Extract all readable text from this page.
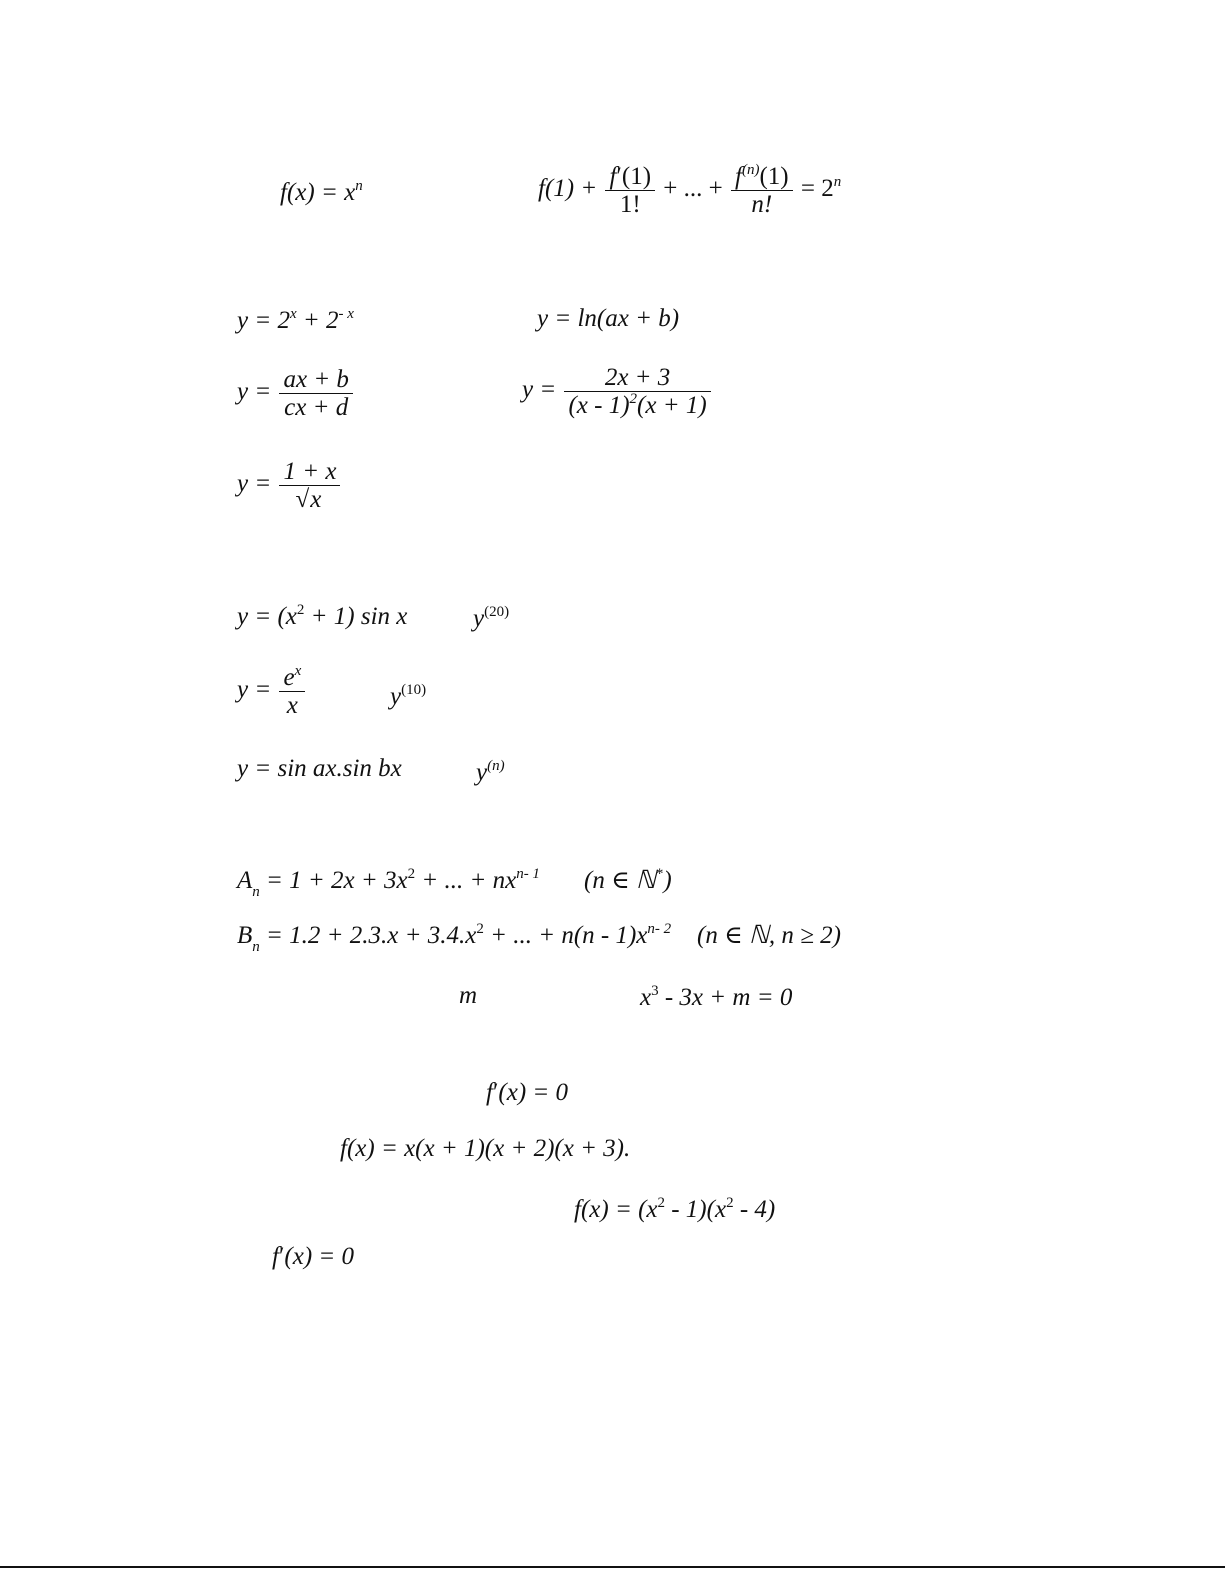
$f(x) = x^n$	$f(1) + \frac{f'(1)}{1!}$ + ... + $\frac{f^{(n)}(1)}{n!} = 2^n$
$y = 2^x + 2^{- x}$	y = ln(ax + b)
$y = \frac{ax + b}{cx + d}$	$y = \frac{2x + 3}{(x - 1)^2(x + 1)}$
$y = \frac{1 + x}{√x}$
$y = (x^2 + 1)$ sin x	$y^{(20)}$
$y = \frac{e^x}{x}$	$y^{(10)}$
y = sin ax.sin bx	$y^{(n)}$
$A_n = 1 + 2x + 3x^2$ + ... + $nx^{n- 1}$ (n ∈ ℕ*)
$B_n = 1.2 + 2.3.x + 3.4.x^2$ + ... + $n(n - 1)x^{n- 2}$ (n ∈ ℕ, n ≥ 2)
m	$x^3 - 3x + m = 0$
f′(x) = 0
f(x) = x(x + 1)(x + 2)(x + 3).
$f(x) = (x^2 - 1)(x^2 - 4)$
f′(x) = 0
